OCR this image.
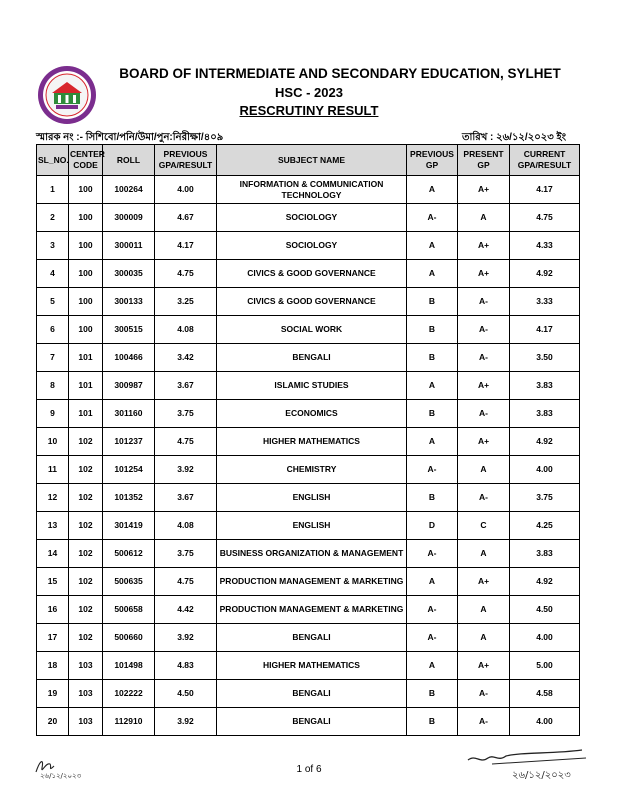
BOARD OF INTERMEDIATE AND SECONDARY EDUCATION, SYLHET
HSC - 2023
RESCRUTINY RESULT
স্মারক নং :- সিশিবো/পনি/উমা/পুন:নিরীক্ষা/৪০৯	তারিখ : ২৬/১২/২০২৩ ইং
SL_NO.	CENTER CODE	ROLL	PREVIOUS GPA/RESULT	SUBJECT NAME	PREVIOUS GP	PRESENT GP	CURRENT GPA/RESULT
1	100	100264	4.00	INFORMATION & COMMUNICATION TECHNOLOGY	A	A+	4.17
2	100	300009	4.67	SOCIOLOGY	A-	A	4.75
3	100	300011	4.17	SOCIOLOGY	A	A+	4.33
4	100	300035	4.75	CIVICS & GOOD GOVERNANCE	A	A+	4.92
5	100	300133	3.25	CIVICS & GOOD GOVERNANCE	B	A-	3.33
6	100	300515	4.08	SOCIAL WORK	B	A-	4.17
7	101	100466	3.42	BENGALI	B	A-	3.50
8	101	300987	3.67	ISLAMIC STUDIES	A	A+	3.83
9	101	301160	3.75	ECONOMICS	B	A-	3.83
10	102	101237	4.75	HIGHER MATHEMATICS	A	A+	4.92
11	102	101254	3.92	CHEMISTRY	A-	A	4.00
12	102	101352	3.67	ENGLISH	B	A-	3.75
13	102	301419	4.08	ENGLISH	D	C	4.25
14	102	500612	3.75	BUSINESS ORGANIZATION & MANAGEMENT	A-	A	3.83
15	102	500635	4.75	PRODUCTION MANAGEMENT & MARKETING	A	A+	4.92
16	102	500658	4.42	PRODUCTION MANAGEMENT & MARKETING	A-	A	4.50
17	102	500660	3.92	BENGALI	A-	A	4.00
18	103	101498	4.83	HIGHER MATHEMATICS	A	A+	5.00
19	103	102222	4.50	BENGALI	B	A-	4.58
20	103	112910	3.92	BENGALI	B	A-	4.00
২৬/১২/২০২৩
1 of 6
২৬/১২/২০২৩
